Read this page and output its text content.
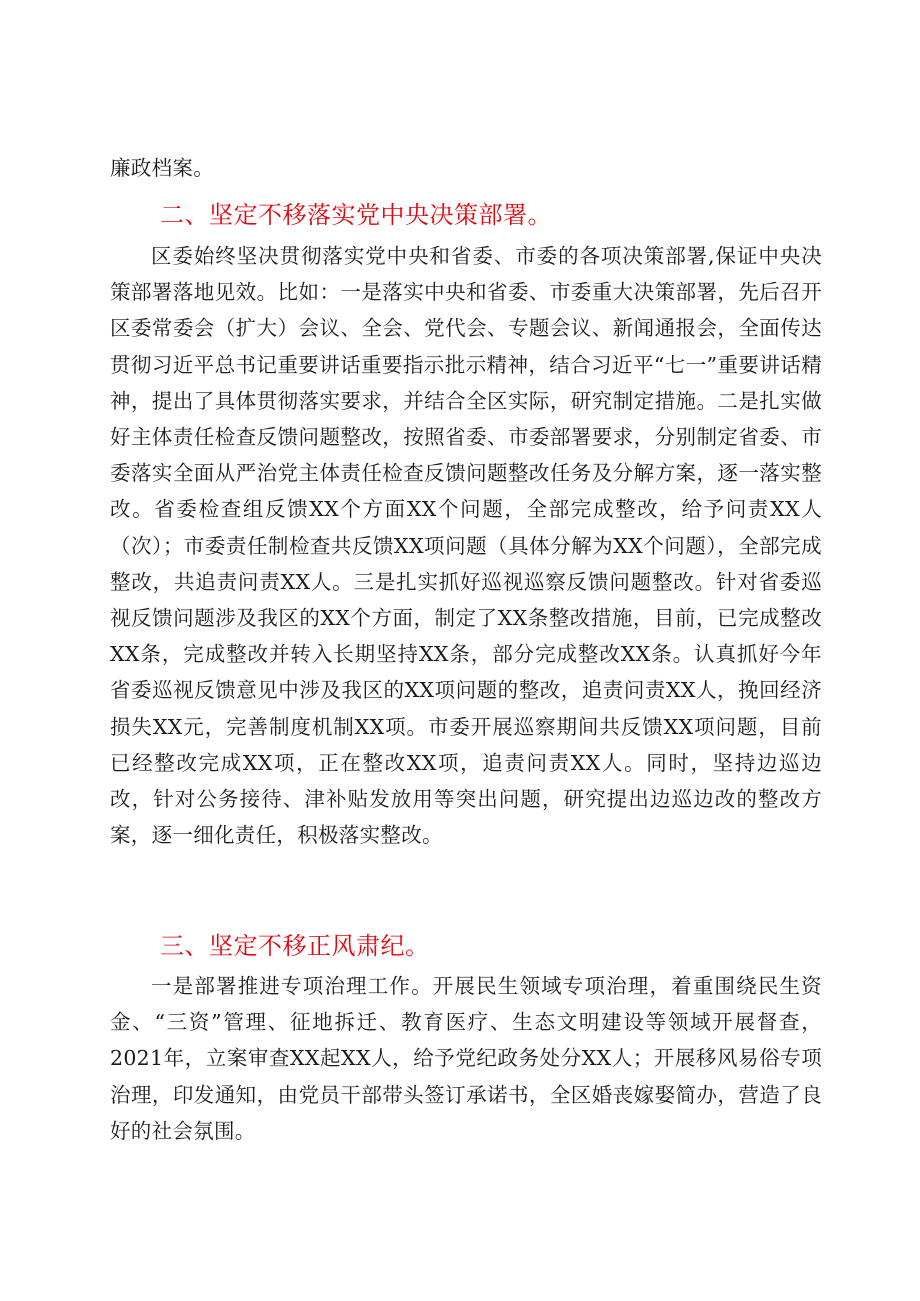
廉政档案。

二、坚定不移落实党中央决策部署。

区委始终坚决贯彻落实党中央和省委、市委的各项决策部署,保证中央决策部署落地见效。比如：一是落实中央和省委、市委重大决策部署，先后召开区委常委会（扩大）会议、全会、党代会、专题会议、新闻通报会，全面传达贯彻习近平总书记重要讲话重要指示批示精神，结合习近平“七一”重要讲话精神，提出了具体贯彻落实要求，并结合全区实际，研究制定措施。二是扎实做好主体责任检查反馈问题整改，按照省委、市委部署要求，分别制定省委、市委落实全面从严治党主体责任检查反馈问题整改任务及分解方案，逐一落实整改。省委检查组反馈XX个方面XX个问题，全部完成整改，给予问责XX人（次）；市委责任制检查共反馈XX项问题（具体分解为XX个问题），全部完成整改，共追责问责XX人。三是扎实抓好巡视巡察反馈问题整改。针对省委巡视反馈问题涉及我区的XX个方面，制定了XX条整改措施，目前，已完成整改XX条，完成整改并转入长期坚持XX条，部分完成整改XX条。认真抓好今年省委巡视反馈意见中涉及我区的XX项问题的整改，追责问责XX人，挽回经济损失XX元，完善制度机制XX项。市委开展巡察期间共反馈XX项问题，目前已经整改完成XX项，正在整改XX项，追责问责XX人。同时，坚持边巡边改，针对公务接待、津补贴发放用等突出问题，研究提出边巡边改的整改方案，逐一细化责任，积极落实整改。

三、坚定不移正风肃纪。

一是部署推进专项治理工作。开展民生领域专项治理，着重围绕民生资金、“三资”管理、征地拆迁、教育医疗、生态文明建设等领域开展督查，2021年，立案审查XX起XX人，给予党纪政务处分XX人；开展移风易俗专项治理，印发通知，由党员干部带头签订承诺书，全区婚丧嫁娶简办，营造了良好的社会氛围。
